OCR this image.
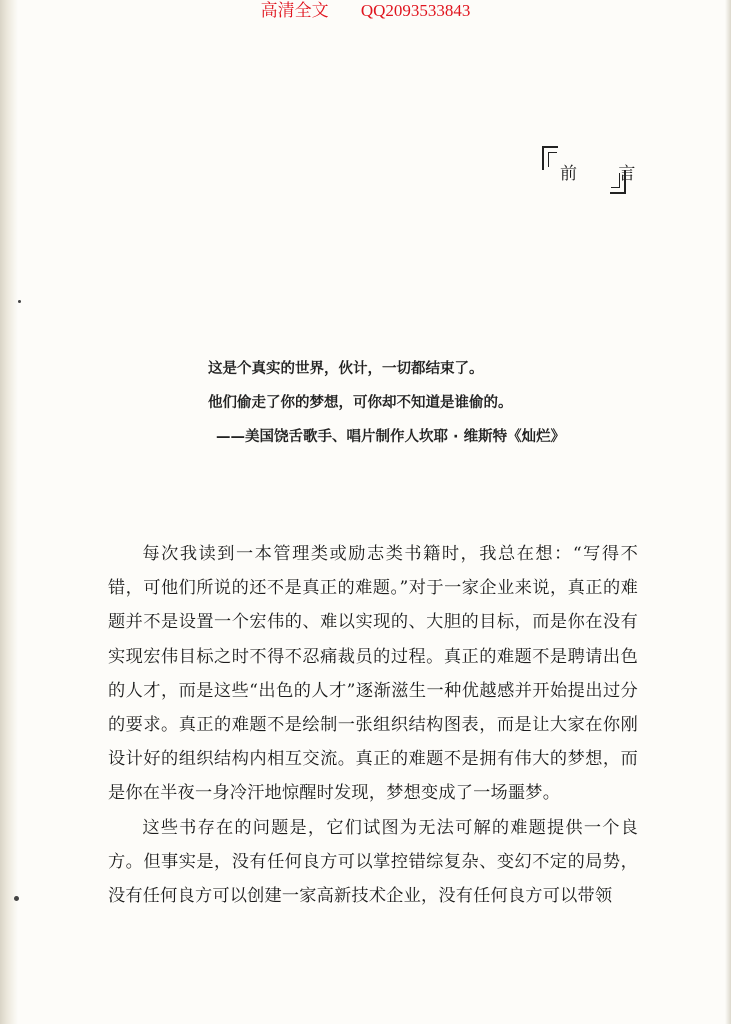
高清全文 QQ2093533843
前 言
这是个真实的世界，伙计，一切都结束了。
他们偷走了你的梦想，可你却不知道是谁偷的。
——美国饶舌歌手、唱片制作人坎耶 · 维斯特《灿烂》

每次我读到一本管理类或励志类书籍时，我总在想：“写得不错，可他们所说的还不是真正的难题。”对于一家企业来说，真正的难题并不是设置一个宏伟的、难以实现的、大胆的目标，而是你在没有实现宏伟目标之时不得不忍痛裁员的过程。真正的难题不是聘请出色的人才，而是这些“出色的人才”逐渐滋生一种优越感并开始提出过分的要求。真正的难题不是绘制一张组织结构图表，而是让大家在你刚设计好的组织结构内相互交流。真正的难题不是拥有伟大的梦想，而是你在半夜一身冷汗地惊醒时发现，梦想变成了一场噩梦。

这些书存在的问题是，它们试图为无法可解的难题提供一个良方。但事实是，没有任何良方可以掌控错综复杂、变幻不定的局势，没有任何良方可以创建一家高新技术企业，没有任何良方可以带领
